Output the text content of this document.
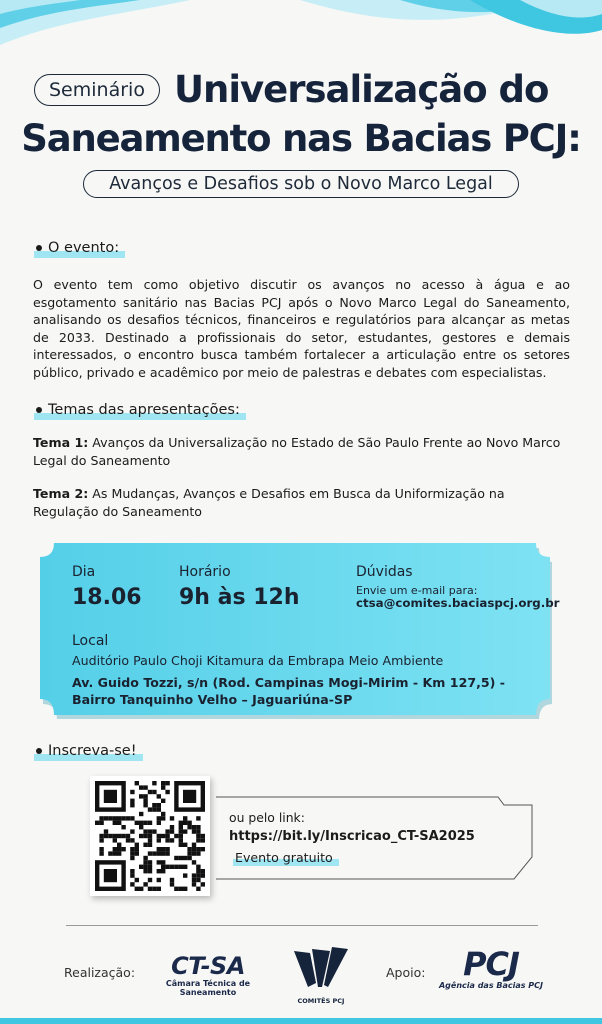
Seminário Universalização do
Saneamento nas Bacias PCJ:
Avanços e Desafios sob o Novo Marco Legal
O evento:

O evento tem como objetivo discutir os avanços no acesso à água e ao esgotamento sanitário nas Bacias PCJ após o Novo Marco Legal do Saneamento, analisando os desafios técnicos, financeiros e regulatórios para alcançar as metas de 2033. Destinado a profissionais do setor, estudantes, gestores e demais interessados, o encontro busca também fortalecer a articulação entre os setores público, privado e acadêmico por meio de palestras e debates com especialistas.

Temas das apresentações:

Tema 1: Avanços da Universalização no Estado de São Paulo Frente ao Novo Marco Legal do Saneamento

Tema 2: As Mudanças, Avanços e Desafios em Busca da Uniformização na Regulação do Saneamento

Dia
18.06
Horário
9h às 12h
Dúvidas
Envie um e-mail para:
ctsa@comites.baciaspcj.org.br
Local
Auditório Paulo Choji Kitamura da Embrapa Meio Ambiente
Av. Guido Tozzi, s/n (Rod. Campinas Mogi-Mirim - Km 127,5) - Bairro Tanquinho Velho – Jaguariúna-SP
Inscreva-se!
ou pelo link:
https://bit.ly/Inscricao_CT-SA2025
Evento gratuito
Realização:	CT-SA
Câmara Técnica de Saneamento
COMITÊS PCJ
Apoio:	PCJ
Agência das Bacias PCJ
